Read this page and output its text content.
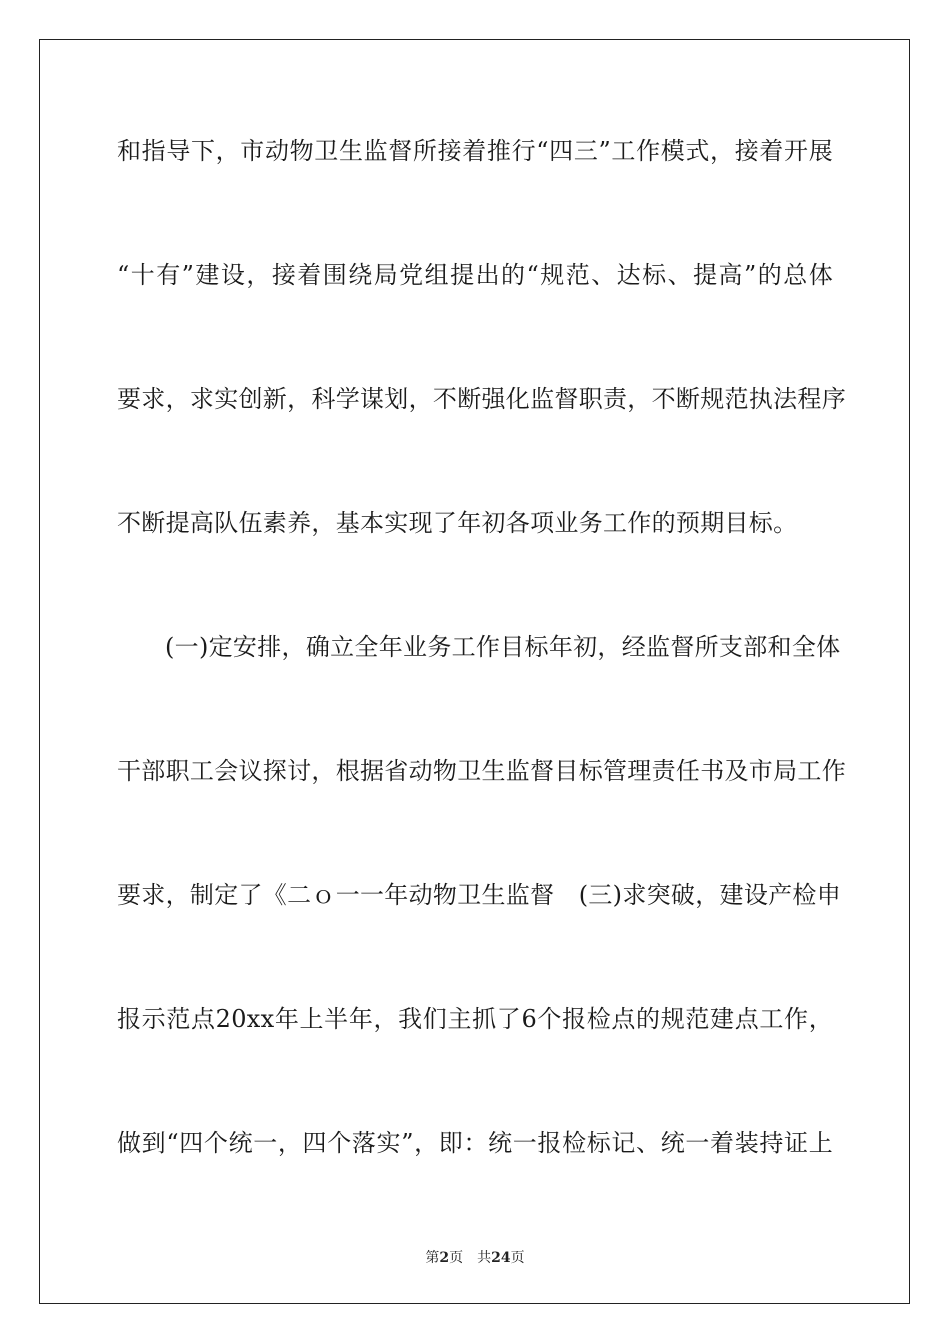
和指导下，市动物卫生监督所接着推行“四三”工作模式，接着开展
“十有”建设，接着围绕局党组提出的“规范、达标、提高”的总体
要求，求实创新，科学谋划，不断强化监督职责，不断规范执法程序
不断提高队伍素养，基本实现了年初各项业务工作的预期目标。
(一)定安排，确立全年业务工作目标年初，经监督所支部和全体
干部职工会议探讨，根据省动物卫生监督目标管理责任书及市局工作
要求，制定了《二ｏ一一年动物卫生监督　(三)求突破，建设产检申
报示范点20xx年上半年，我们主抓了6个报检点的规范建点工作，
做到“四个统一，四个落实”，即：统一报检标记、统一着装持证上
第2页 共24页
